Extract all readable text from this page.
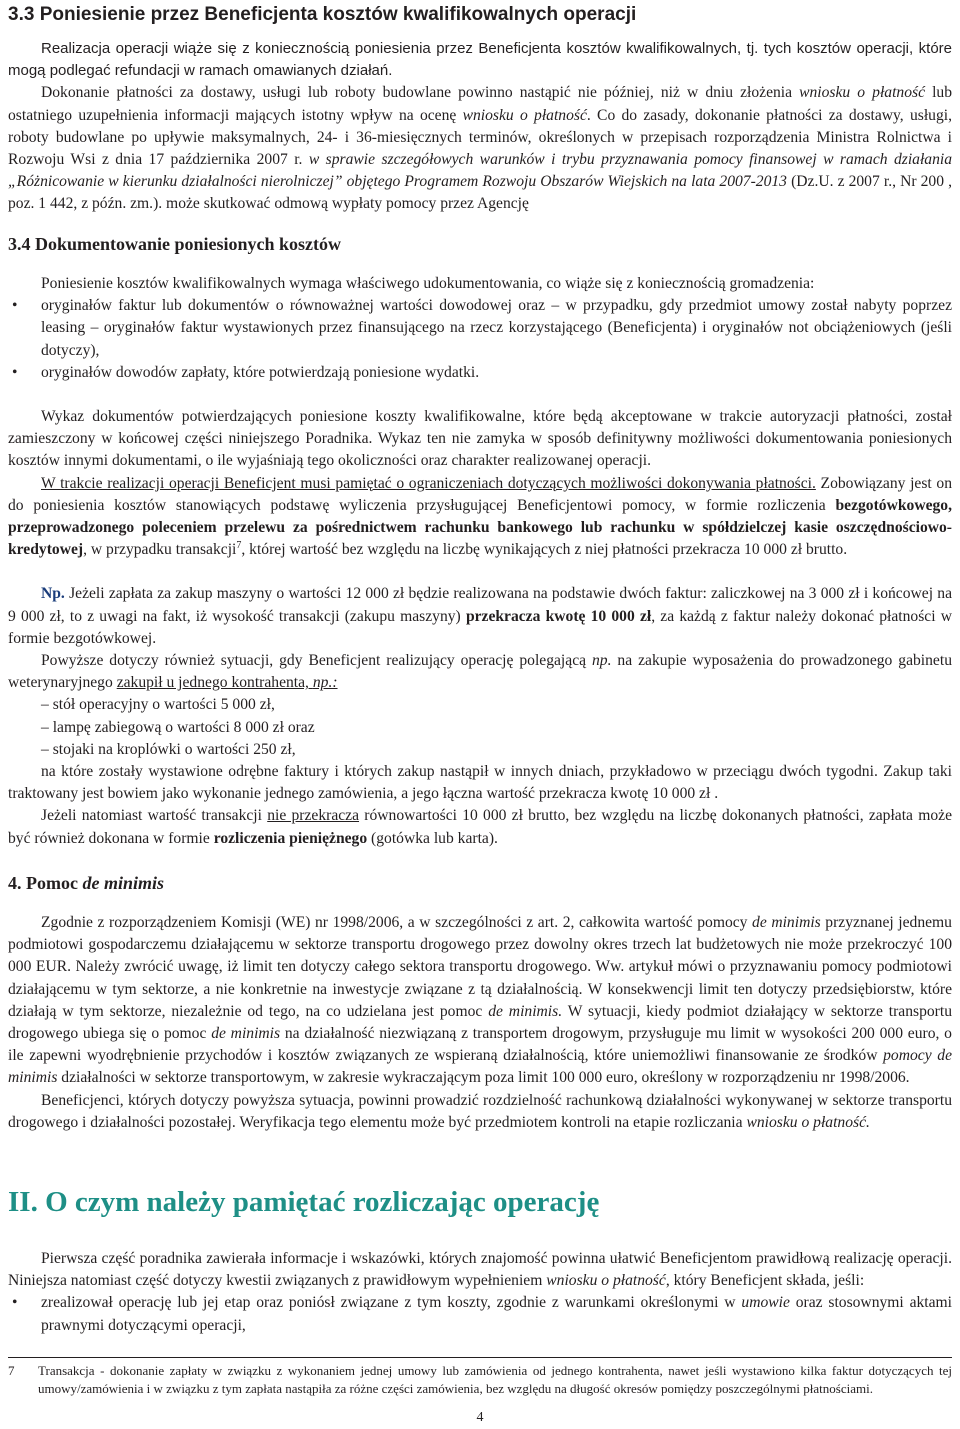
3.3 Poniesienie przez Beneficjenta kosztów kwalifikowalnych operacji

Realizacja operacji wiąże się z koniecznością poniesienia przez Beneficjenta kosztów kwalifikowalnych, tj. tych kosztów operacji, które mogą podlegać refundacji w ramach omawianych działań.

Dokonanie płatności za dostawy, usługi lub roboty budowlane powinno nastąpić nie później, niż w dniu złożenia wniosku o płatność lub ostatniego uzupełnienia informacji mających istotny wpływ na ocenę wniosku o płatność. Co do zasady, dokonanie płatności za dostawy, usługi, roboty budowlane po upływie maksymalnych, 24- i 36-miesięcznych terminów, określonych w przepisach rozporządzenia Ministra Rolnictwa i Rozwoju Wsi z dnia 17 października 2007 r. w sprawie szczegółowych warunków i trybu przyznawania pomocy finansowej w ramach działania „Różnicowanie w kierunku działalności nierolniczej” objętego Programem Rozwoju Obszarów Wiejskich na lata 2007-2013 (Dz.U. z 2007 r., Nr 200 , poz. 1 442, z późn. zm.). może skutkować odmową wypłaty pomocy przez Agencję

3.4 Dokumentowanie poniesionych kosztów

Poniesienie kosztów kwalifikowalnych wymaga właściwego udokumentowania, co wiąże się z koniecznością gromadzenia:

• oryginałów faktur lub dokumentów o równoważnej wartości dowodowej oraz – w przypadku, gdy przedmiot umowy został nabyty poprzez leasing – oryginałów faktur wystawionych przez finansującego na rzecz korzystającego (Beneficjenta) i oryginałów not obciążeniowych (jeśli dotyczy),
• oryginałów dowodów zapłaty, które potwierdzają poniesione wydatki.

Wykaz dokumentów potwierdzających poniesione koszty kwalifikowalne, które będą akceptowane w trakcie autoryzacji płatności, został zamieszczony w końcowej części niniejszego Poradnika. Wykaz ten nie zamyka w sposób definitywny możliwości dokumentowania poniesionych kosztów innymi dokumentami, o ile wyjaśniają tego okoliczności oraz charakter realizowanej operacji.

W trakcie realizacji operacji Beneficjent musi pamiętać o ograniczeniach dotyczących możliwości dokonywania płatności. Zobowiązany jest on do poniesienia kosztów stanowiących podstawę wyliczenia przysługującej Beneficjentowi pomocy, w formie rozliczenia bezgotówkowego, przeprowadzonego poleceniem przelewu za pośrednictwem rachunku bankowego lub rachunku w spółdzielczej kasie oszczędnościowo-kredytowej, w przypadku transakcji$^7$, której wartość bez względu na liczbę wynikających z niej płatności przekracza 10 000 zł brutto.

Np. Jeżeli zapłata za zakup maszyny o wartości 12 000 zł będzie realizowana na podstawie dwóch faktur: zaliczkowej na 3 000 zł i końcowej na 9 000 zł, to z uwagi na fakt, iż wysokość transakcji (zakupu maszyny) przekracza kwotę 10 000 zł, za każdą z faktur należy dokonać płatności w formie bezgotówkowej.

Powyższe dotyczy również sytuacji, gdy Beneficjent realizujący operację polegającą np. na zakupie wyposażenia do prowadzonego gabinetu weterynaryjnego zakupił u jednego kontrahenta, np.:

– stół operacyjny o wartości 5 000 zł,
– lampę zabiegową o wartości 8 000 zł oraz
– stojaki na kroplówki o wartości 250 zł,

na które zostały wystawione odrębne faktury i których zakup nastąpił w innych dniach, przykładowo w przeciągu dwóch tygodni. Zakup taki traktowany jest bowiem jako wykonanie jednego zamówienia, a jego łączna wartość przekracza kwotę 10 000 zł .

Jeżeli natomiast wartość transakcji nie przekracza równowartości 10 000 zł brutto, bez względu na liczbę dokonanych płatności, zapłata może być również dokonana w formie rozliczenia pieniężnego (gotówka lub karta).

4. Pomoc de minimis

Zgodnie z rozporządzeniem Komisji (WE) nr 1998/2006, a w szczególności z art. 2, całkowita wartość pomocy de minimis przyznanej jednemu podmiotowi gospodarczemu działającemu w sektorze transportu drogowego przez dowolny okres trzech lat budżetowych nie może przekroczyć 100 000 EUR. Należy zwrócić uwagę, iż limit ten dotyczy całego sektora transportu drogowego. Ww. artykuł mówi o przyznawaniu pomocy podmiotowi działającemu w tym sektorze, a nie konkretnie na inwestycje związane z tą działalnością. W konsekwencji limit ten dotyczy przedsiębiorstw, które działają w tym sektorze, niezależnie od tego, na co udzielana jest pomoc de minimis. W sytuacji, kiedy podmiot działający w sektorze transportu drogowego ubiega się o pomoc de minimis na działalność niezwiązaną z transportem drogowym, przysługuje mu limit w wysokości 200 000 euro, o ile zapewni wyodrębnienie przychodów i kosztów związanych ze wspieraną działalnością, które uniemożliwi finansowanie ze środków pomocy de minimis działalności w sektorze transportowym, w zakresie wykraczającym poza limit 100 000 euro, określony w rozporządzeniu nr 1998/2006.

Beneficjenci, których dotyczy powyższa sytuacja, powinni prowadzić rozdzielność rachunkową działalności wykonywanej w sektorze transportu drogowego i działalności pozostałej. Weryfikacja tego elementu może być przedmiotem kontroli na etapie rozliczania wniosku o płatność.

II. O czym należy pamiętać rozliczając operację

Pierwsza część poradnika zawierała informacje i wskazówki, których znajomość powinna ułatwić Beneficjentom prawidłową realizację operacji. Niniejsza natomiast część dotyczy kwestii związanych z prawidłowym wypełnieniem wniosku o płatność, który Beneficjent składa, jeśli:

• zrealizował operację lub jej etap oraz poniósł związane z tym koszty, zgodnie z warunkami określonymi w umowie oraz stosownymi aktami prawnymi dotyczącymi operacji,
7 Transakcja - dokonanie zapłaty w związku z wykonaniem jednej umowy lub zamówienia od jednego kontrahenta, nawet jeśli wystawiono kilka faktur dotyczących tej umowy/zamówienia i w związku z tym zapłata nastąpiła za różne części zamówienia, bez względu na długość okresów pomiędzy poszczególnymi płatnościami.
4
